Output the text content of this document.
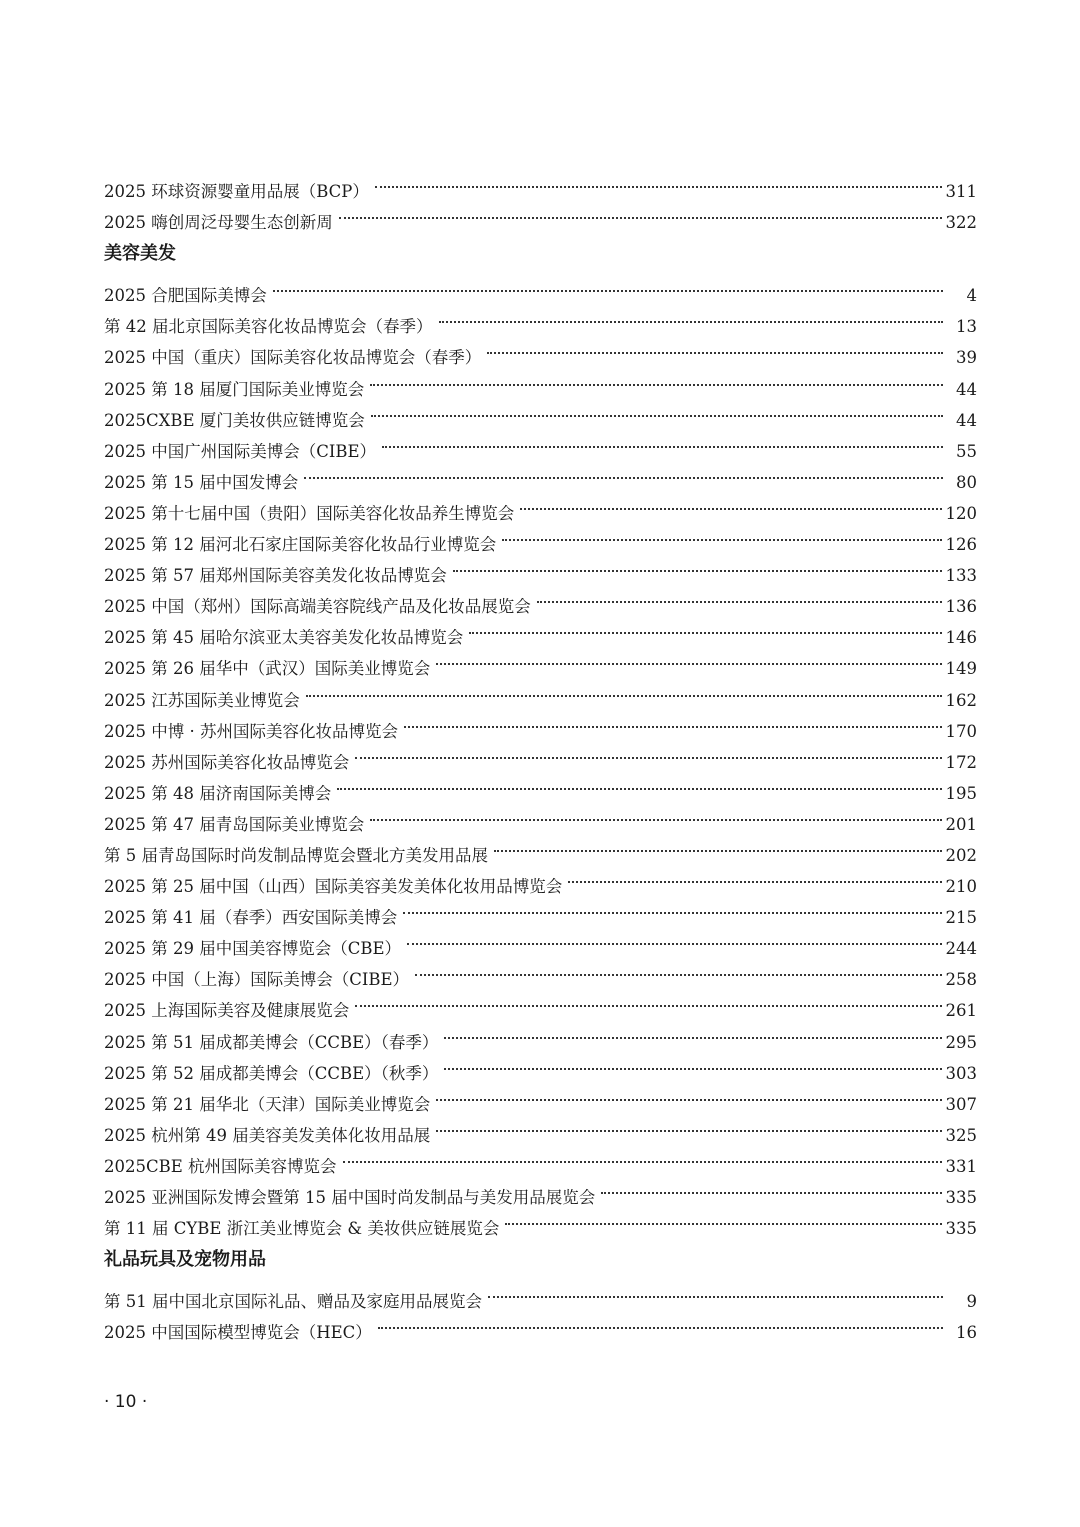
2025 环球资源婴童用品展（BCP）	311
2025 嗨创周泛母婴生态创新周	322
美容美发
2025 合肥国际美博会	4
第 42 届北京国际美容化妆品博览会（春季）	13
2025 中国（重庆）国际美容化妆品博览会（春季）	39
2025 第 18 届厦门国际美业博览会	44
2025CXBE 厦门美妆供应链博览会	44
2025 中国广州国际美博会（CIBE）	55
2025 第 15 届中国发博会	80
2025 第十七届中国（贵阳）国际美容化妆品养生博览会	120
2025 第 12 届河北石家庄国际美容化妆品行业博览会	126
2025 第 57 届郑州国际美容美发化妆品博览会	133
2025 中国（郑州）国际高端美容院线产品及化妆品展览会	136
2025 第 45 届哈尔滨亚太美容美发化妆品博览会	146
2025 第 26 届华中（武汉）国际美业博览会	149
2025 江苏国际美业博览会	162
2025 中博 · 苏州国际美容化妆品博览会	170
2025 苏州国际美容化妆品博览会	172
2025 第 48 届济南国际美博会	195
2025 第 47 届青岛国际美业博览会	201
第 5 届青岛国际时尚发制品博览会暨北方美发用品展	202
2025 第 25 届中国（山西）国际美容美发美体化妆用品博览会	210
2025 第 41 届（春季）西安国际美博会	215
2025 第 29 届中国美容博览会（CBE）	244
2025 中国（上海）国际美博会（CIBE）	258
2025 上海国际美容及健康展览会	261
2025 第 51 届成都美博会（CCBE）（春季）	295
2025 第 52 届成都美博会（CCBE）（秋季）	303
2025 第 21 届华北（天津）国际美业博览会	307
2025 杭州第 49 届美容美发美体化妆用品展	325
2025CBE 杭州国际美容博览会	331
2025 亚洲国际发博会暨第 15 届中国时尚发制品与美发用品展览会	335
第 11 届 CYBE 浙江美业博览会 & 美妆供应链展览会	335
礼品玩具及宠物用品
第 51 届中国北京国际礼品、赠品及家庭用品展览会	9
2025 中国国际模型博览会（HEC）	16
· 10 ·
